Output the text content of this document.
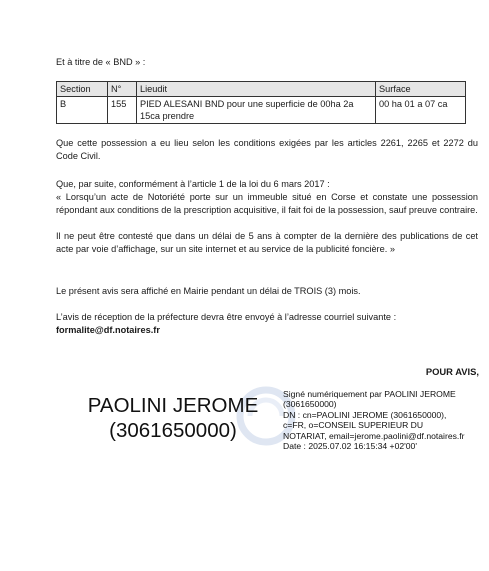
Et à titre de « BND » :
Section	N°	Lieudit	Surface
B	155	PIED ALESANI BND pour une superficie de 00ha 2a 15ca prendre	00 ha 01 a 07 ca
Que cette possession a eu lieu selon les conditions exigées par les articles 2261, 2265 et 2272 du Code Civil.
Que, par suite, conformément à l’article 1 de la loi du 6 mars 2017 :
« Lorsqu’un acte de Notoriété porte sur un immeuble situé en Corse et constate une possession répondant aux conditions de la prescription acquisitive, il fait foi de la possession, sauf preuve contraire.
Il ne peut être contesté que dans un délai de 5 ans à compter de la dernière des publications de cet acte par voie d’affichage, sur un site internet et au service de la publicité foncière. »
Le présent avis sera affiché en Mairie pendant un délai de TROIS (3) mois.
L’avis de réception de la préfecture devra être envoyé à l’adresse courriel suivante :
formalite@df.notaires.fr
POUR AVIS,
PAOLINI JEROME
(3061650000)
Signé numériquement par PAOLINI JEROME
(3061650000)
DN : cn=PAOLINI JEROME (3061650000),
c=FR, o=CONSEIL SUPERIEUR DU
NOTARIAT, email=jerome.paolini@df.notaires.fr
Date : 2025.07.02 16:15:34 +02'00'
